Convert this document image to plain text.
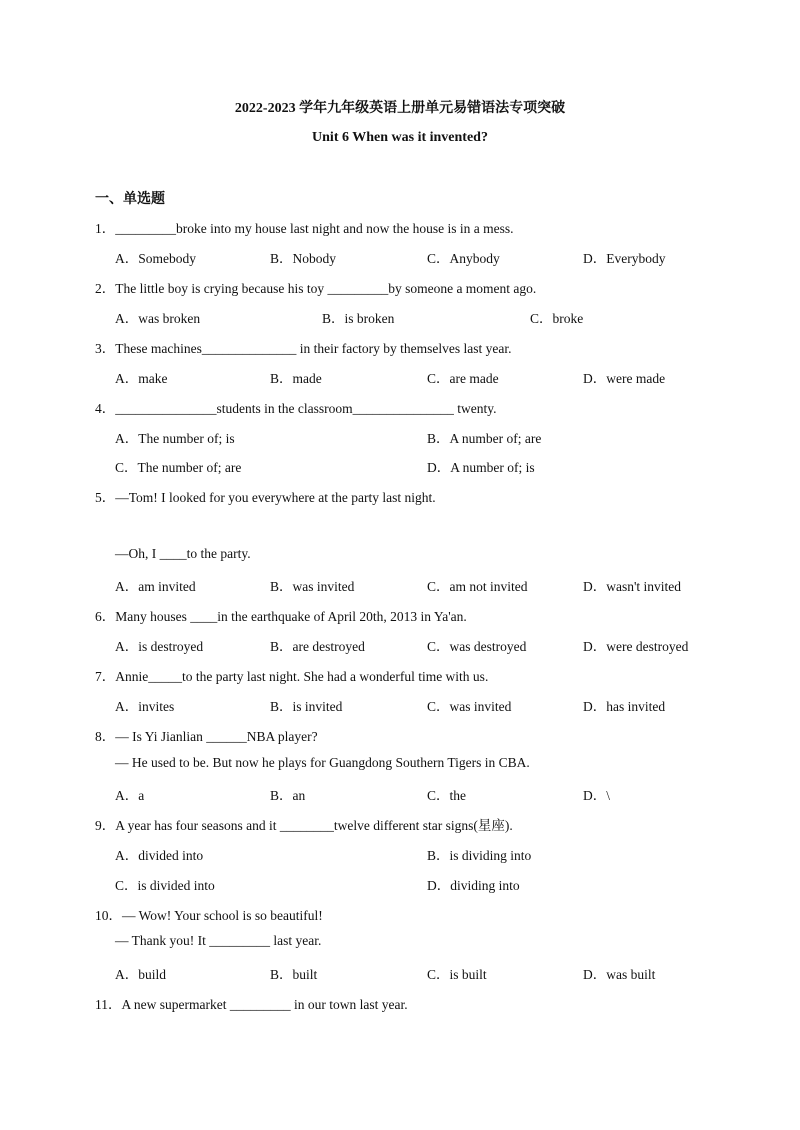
2022-2023 学年九年级英语上册单元易错语法专项突破
Unit 6 When was it invented?
一、单选题
1．_________broke into my house last night and now the house is in a mess.
A．Somebody	B．Nobody	C．Anybody	D．Everybody
2．The little boy is crying because his toy _________by someone a moment ago.
A．was broken	B．is broken	C．broke
3．These machines______________ in their factory by themselves last year.
A．make	B．made	C．are made	D．were made
4．_______________students in the classroom_______________ twenty.
A．The number of; is	B．A number of; are
C．The number of; are	D．A number of; is
5．—Tom! I looked for you everywhere at the party last night.
—Oh, I ____to the party.
A．am invited	B．was invited	C．am not invited	D．wasn't invited
6．Many houses ____in the earthquake of April 20th, 2013 in Ya'an.
A．is destroyed	B．are destroyed	C．was destroyed	D．were destroyed
7．Annie_____to the party last night. She had a wonderful time with us.
A．invites	B．is invited	C．was invited	D．has invited
8．— Is Yi Jianlian ______NBA player?
— He used to be. But now he plays for Guangdong Southern Tigers in CBA.
A．a	B．an	C．the	D．\
9．A year has four seasons and it ________twelve different star signs(星座).
A．divided into	B．is dividing into
C．is divided into	D．dividing into
10．— Wow! Your school is so beautiful!
— Thank you! It _________ last year.
A．build	B．built	C．is built	D．was built
11．A new supermarket _________ in our town last year.
